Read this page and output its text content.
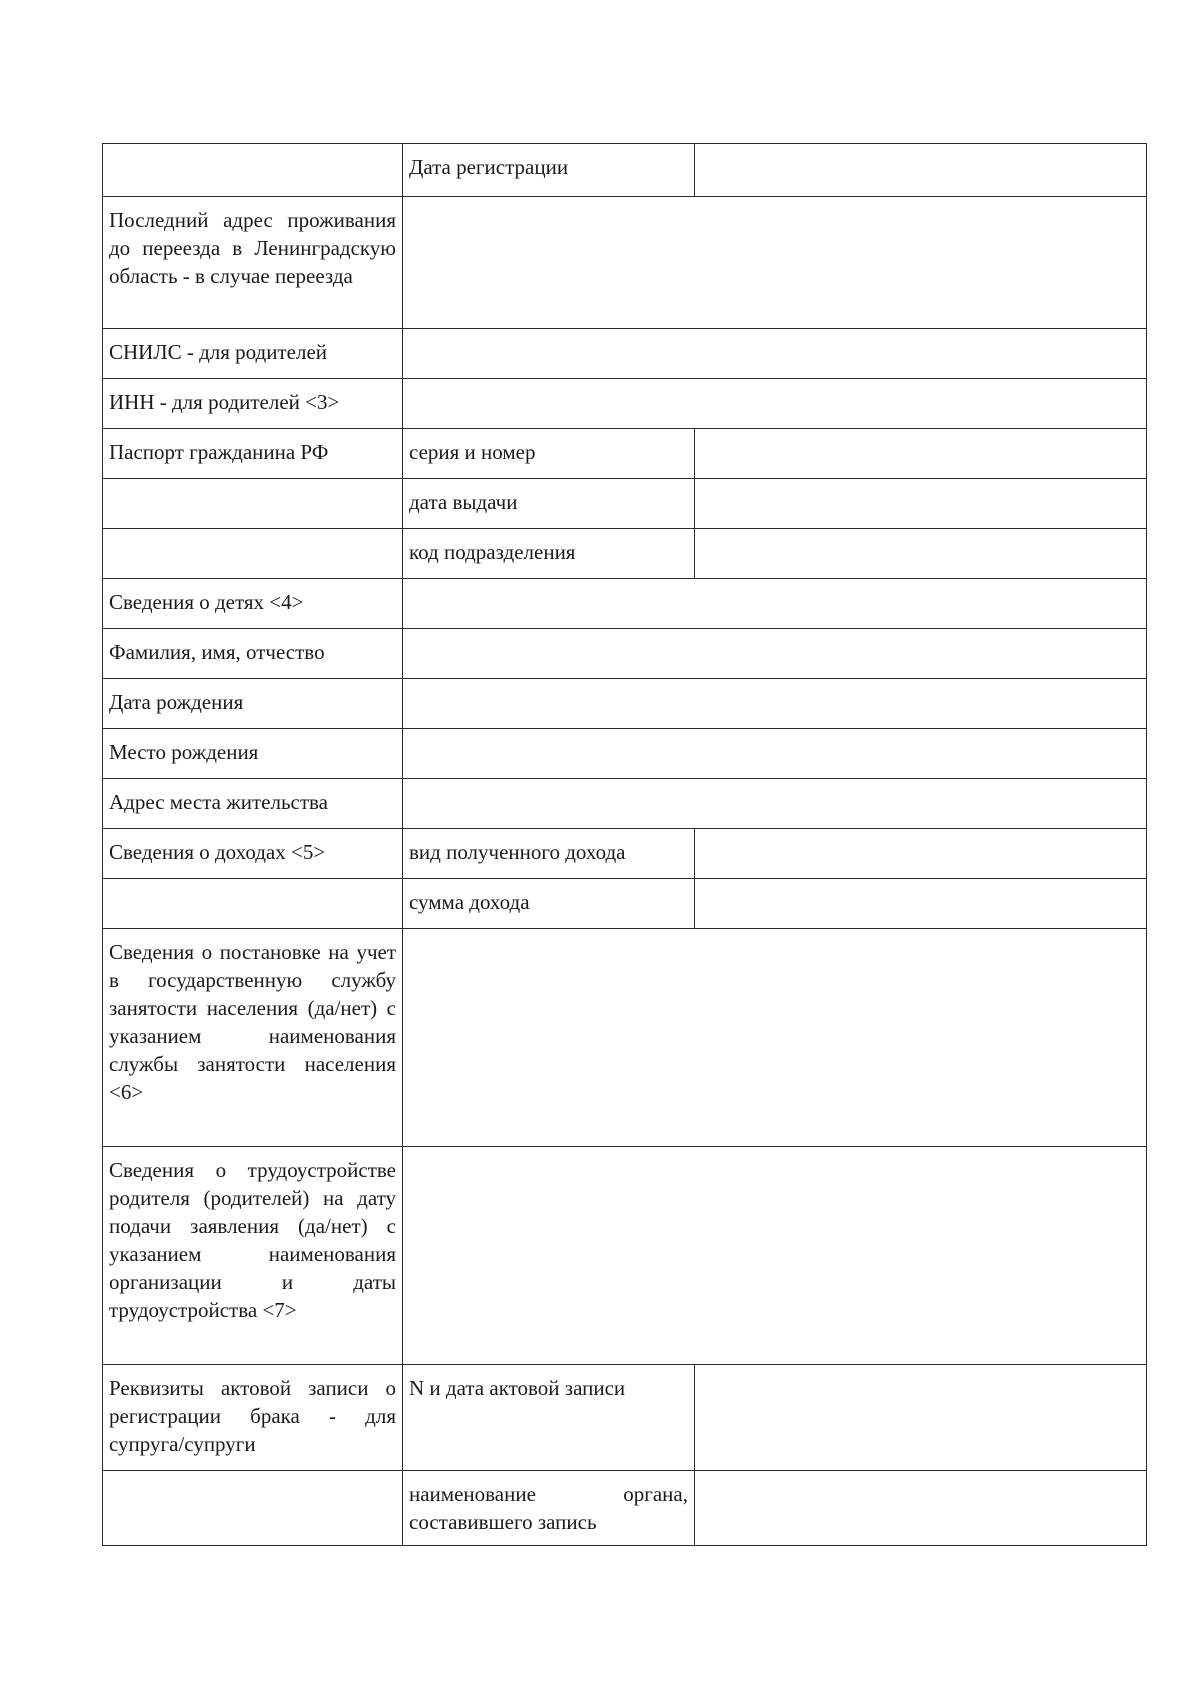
	Дата регистрации	
Последний адрес проживания до переезда в Ленинградскую область - в случае переезда		
СНИЛС - для родителей		
ИНН - для родителей <3>		
Паспорт гражданина РФ	серия и номер	
	дата выдачи	
	код подразделения	
Сведения о детях <4>		
Фамилия, имя, отчество		
Дата рождения		
Место рождения		
Адрес места жительства		
Сведения о доходах <5>	вид полученного дохода	
	сумма дохода	
Сведения о постановке на учет в государственную службу занятости населения (да/нет) с указанием наименования службы занятости населения <6>		
Сведения о трудоустройстве родителя (родителей) на дату подачи заявления (да/нет) с указанием наименования организации и даты трудоустройства <7>		
Реквизиты актовой записи о регистрации брака - для супруга/супруги	N и дата актовой записи	
	наименование органа, составившего запись	
